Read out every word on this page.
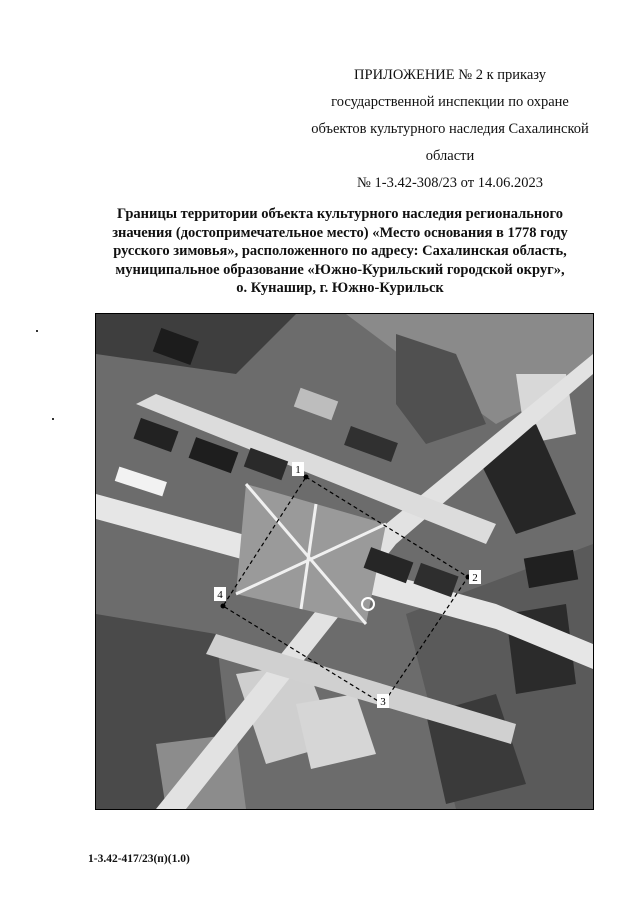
ПРИЛОЖЕНИЕ № 2 к приказу
государственной инспекции по охране
объектов культурного наследия Сахалинской
области
№ 1-3.42-308/23 от 14.06.2023
Границы территории объекта культурного наследия регионального
значения (достопримечательное место) «Место основания в 1778 году
русского зимовья», расположенного по адресу: Сахалинская область,
муниципальное образование «Южно-Курильский городской округ»,
о. Кунашир, г. Южно-Курильск
1
2
3
4
1-3.42-417/23(п)(1.0)
